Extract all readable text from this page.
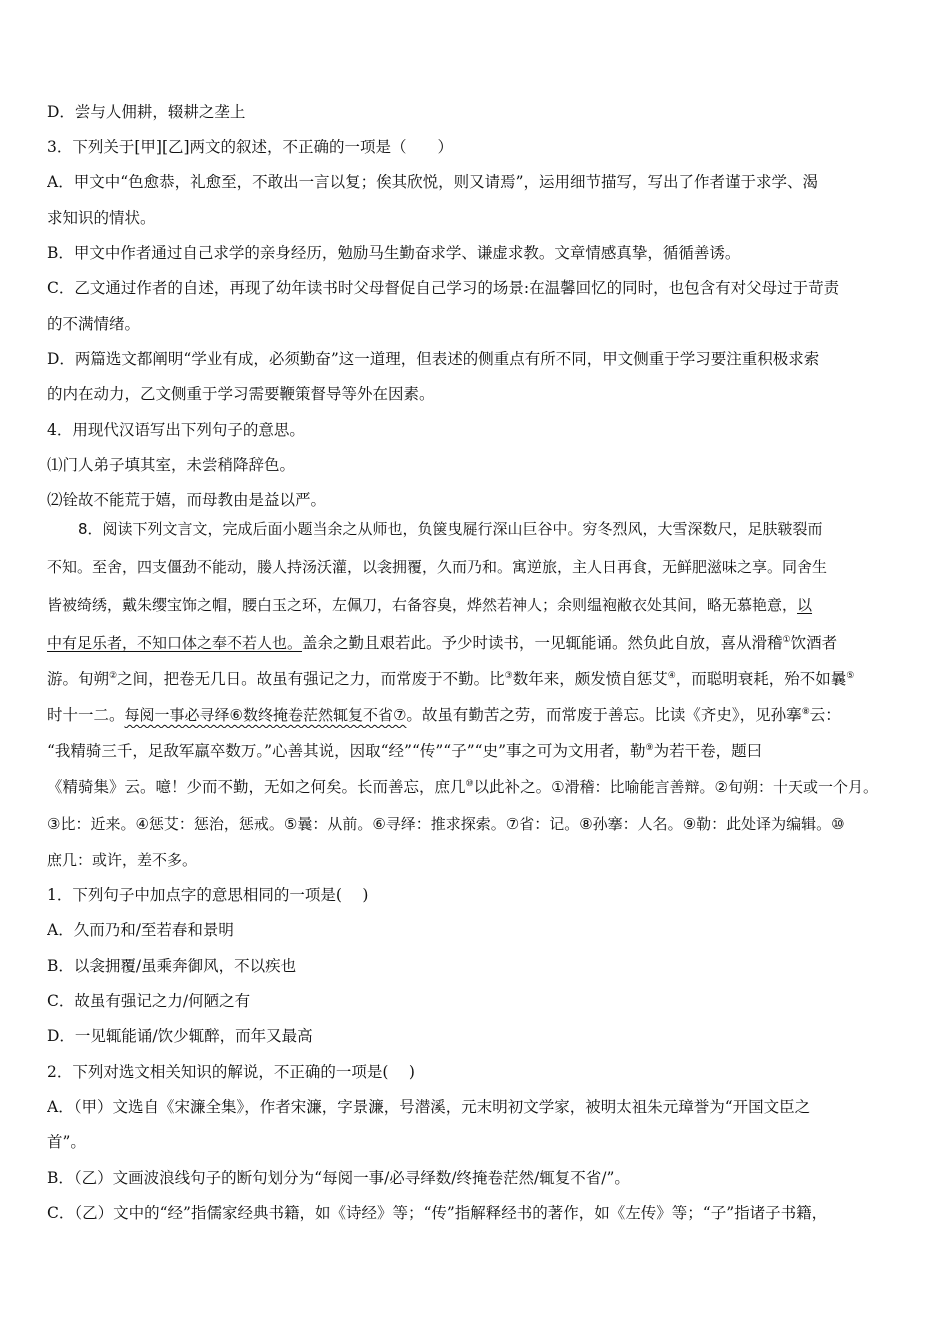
D．尝与人佣耕，辍耕之垄上
3．下列关于[甲][乙]两文的叙述，不正确的一项是（　　）
A．甲文中“色愈恭，礼愈至，不敢出一言以复；俟其欣悦，则又请焉”，运用细节描写，写出了作者谨于求学、渴
求知识的情状。
B．甲文中作者通过自己求学的亲身经历，勉励马生勤奋求学、谦虚求教。文章情感真挚，循循善诱。
C．乙文通过作者的自述，再现了幼年读书时父母督促自己学习的场景:在温馨回忆的同时，也包含有对父母过于苛责
的不满情绪。
D．两篇选文都阐明“学业有成，必须勤奋”这一道理，但表述的侧重点有所不同，甲文侧重于学习要注重积极求索
的内在动力，乙文侧重于学习需要鞭策督导等外在因素。
4．用现代汉语写出下列句子的意思。
⑴门人弟子填其室，未尝稍降辞色。
⑵铨故不能荒于嬉，而母教由是益以严。
8．阅读下列文言文，完成后面小题当余之从师也，负箧曳屣行深山巨谷中。穷冬烈风，大雪深数尺，足肤皲裂而
不知。至舍，四支僵劲不能动，媵人持汤沃灌，以衾拥覆，久而乃和。寓逆旅，主人日再食，无鲜肥滋味之享。同舍生
皆被绮绣，戴朱缨宝饰之帽，腰白玉之环，左佩刀，右备容臭，烨然若神人；余则缊袍敝衣处其间，略无慕艳意，以
中有足乐者，不知口体之奉不若人也。盖余之勤且艰若此。予少时读书，一见辄能诵。然负此自放，喜从滑稽①饮酒者
游。旬朔②之间，把卷无几日。故虽有强记之力，而常废于不勤。比③数年来，颇发愤自惩艾④，而聪明衰耗，殆不如曩⑤
时十一二。每阅一事必寻绎⑥数终掩卷茫然辄复不省⑦。故虽有勤苦之劳，而常废于善忘。比读《齐史》，见孙搴⑧云：
“我精骑三千，足敌军羸卒数万。”心善其说，因取“经”“传”“子”“史”事之可为文用者，勒⑨为若干卷，题曰
《精骑集》云。噫！少而不勤，无如之何矣。长而善忘，庶几⑩以此补之。①滑稽：比喻能言善辩。②旬朔：十天或一个月。
③比：近来。④惩艾：惩治，惩戒。⑤曩：从前。⑥寻绎：推求探索。⑦省：记。⑧孙搴：人名。⑨勒：此处译为编辑。⑩
庶几：或许，差不多。
1．下列句子中加点字的意思相同的一项是(　 )
A．久而乃和/至若春和景明
B．以衾拥覆/虽乘奔御风，不以疾也
C．故虽有强记之力/何陋之有
D．一见辄能诵/饮少辄醉，而年又最高
2．下列对选文相关知识的解说，不正确的一项是(　 )
A．（甲）文选自《宋濂全集》，作者宋濂，字景濂，号潜溪，元末明初文学家，被明太祖朱元璋誉为“开国文臣之
首”。
B．（乙）文画波浪线句子的断句划分为“每阅一事/必寻绎数/终掩卷茫然/辄复不省/”。
C．（乙）文中的“经”指儒家经典书籍，如《诗经》等；“传”指解释经书的著作，如《左传》等；“子”指诸子书籍，
